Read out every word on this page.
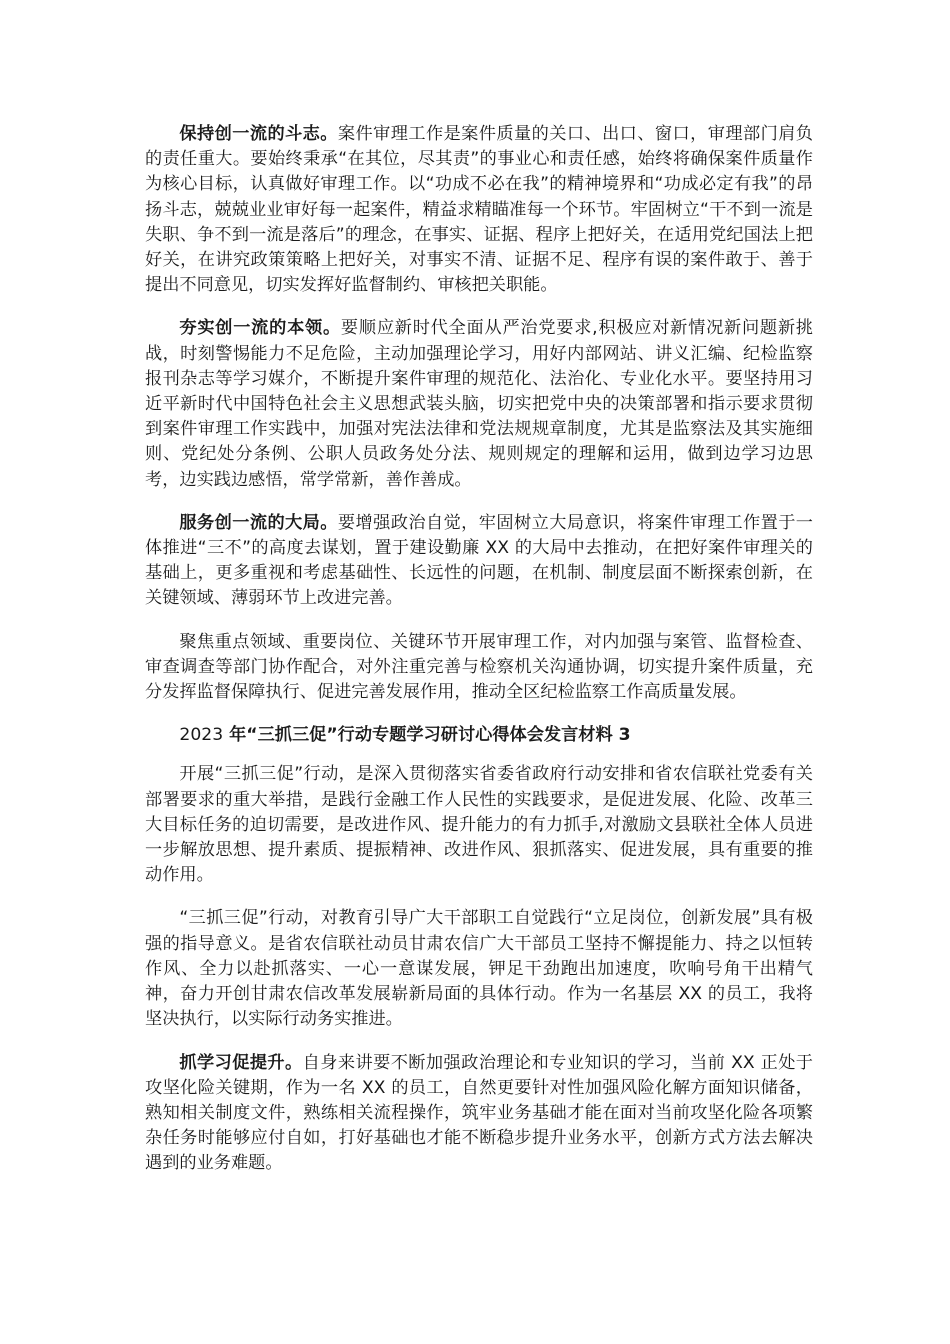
保持创一流的斗志。案件审理工作是案件质量的关口、出口、窗口，审理部门肩负的责任重大。要始终秉承“在其位，尽其责”的事业心和责任感，始终将确保案件质量作为核心目标，认真做好审理工作。以“功成不必在我”的精神境界和“功成必定有我”的昂扬斗志，兢兢业业审好每一起案件，精益求精瞄准每一个环节。牢固树立“干不到一流是失职、争不到一流是落后”的理念，在事实、证据、程序上把好关，在适用党纪国法上把好关，在讲究政策策略上把好关，对事实不清、证据不足、程序有误的案件敢于、善于提出不同意见，切实发挥好监督制约、审核把关职能。

夯实创一流的本领。要顺应新时代全面从严治党要求,积极应对新情况新问题新挑战，时刻警惕能力不足危险，主动加强理论学习，用好内部网站、讲义汇编、纪检监察报刊杂志等学习媒介，不断提升案件审理的规范化、法治化、专业化水平。要坚持用习近平新时代中国特色社会主义思想武装头脑，切实把党中央的决策部署和指示要求贯彻到案件审理工作实践中，加强对宪法法律和党法规规章制度，尤其是监察法及其实施细则、党纪处分条例、公职人员政务处分法、规则规定的理解和运用，做到边学习边思考，边实践边感悟，常学常新，善作善成。

服务创一流的大局。要增强政治自觉，牢固树立大局意识，将案件审理工作置于一体推进“三不”的高度去谋划，置于建设勤廉 XX 的大局中去推动，在把好案件审理关的基础上，更多重视和考虑基础性、长远性的问题，在机制、制度层面不断探索创新，在关键领域、薄弱环节上改进完善。

聚焦重点领域、重要岗位、关键环节开展审理工作，对内加强与案管、监督检查、审查调查等部门协作配合，对外注重完善与检察机关沟通协调，切实提升案件质量，充分发挥监督保障执行、促进完善发展作用，推动全区纪检监察工作高质量发展。

2023 年“三抓三促”行动专题学习研讨心得体会发言材料 3

开展“三抓三促”行动，是深入贯彻落实省委省政府行动安排和省农信联社党委有关部署要求的重大举措，是践行金融工作人民性的实践要求，是促进发展、化险、改革三大目标任务的迫切需要，是改进作风、提升能力的有力抓手,对激励文县联社全体人员进一步解放思想、提升素质、提振精神、改进作风、狠抓落实、促进发展，具有重要的推动作用。

“三抓三促”行动，对教育引导广大干部职工自觉践行“立足岗位，创新发展”具有极强的指导意义。是省农信联社动员甘肃农信广大干部员工坚持不懈提能力、持之以恒转作风、全力以赴抓落实、一心一意谋发展，钾足干劲跑出加速度，吹响号角干出精气神，奋力开创甘肃农信改革发展崭新局面的具体行动。作为一名基层 XX 的员工，我将坚决执行，以实际行动务实推进。

抓学习促提升。自身来讲要不断加强政治理论和专业知识的学习，当前 XX 正处于攻坚化险关键期，作为一名 XX 的员工，自然更要针对性加强风险化解方面知识储备，熟知相关制度文件，熟练相关流程操作，筑牢业务基础才能在面对当前攻坚化险各项繁杂任务时能够应付自如，打好基础也才能不断稳步提升业务水平，创新方式方法去解决遇到的业务难题。
